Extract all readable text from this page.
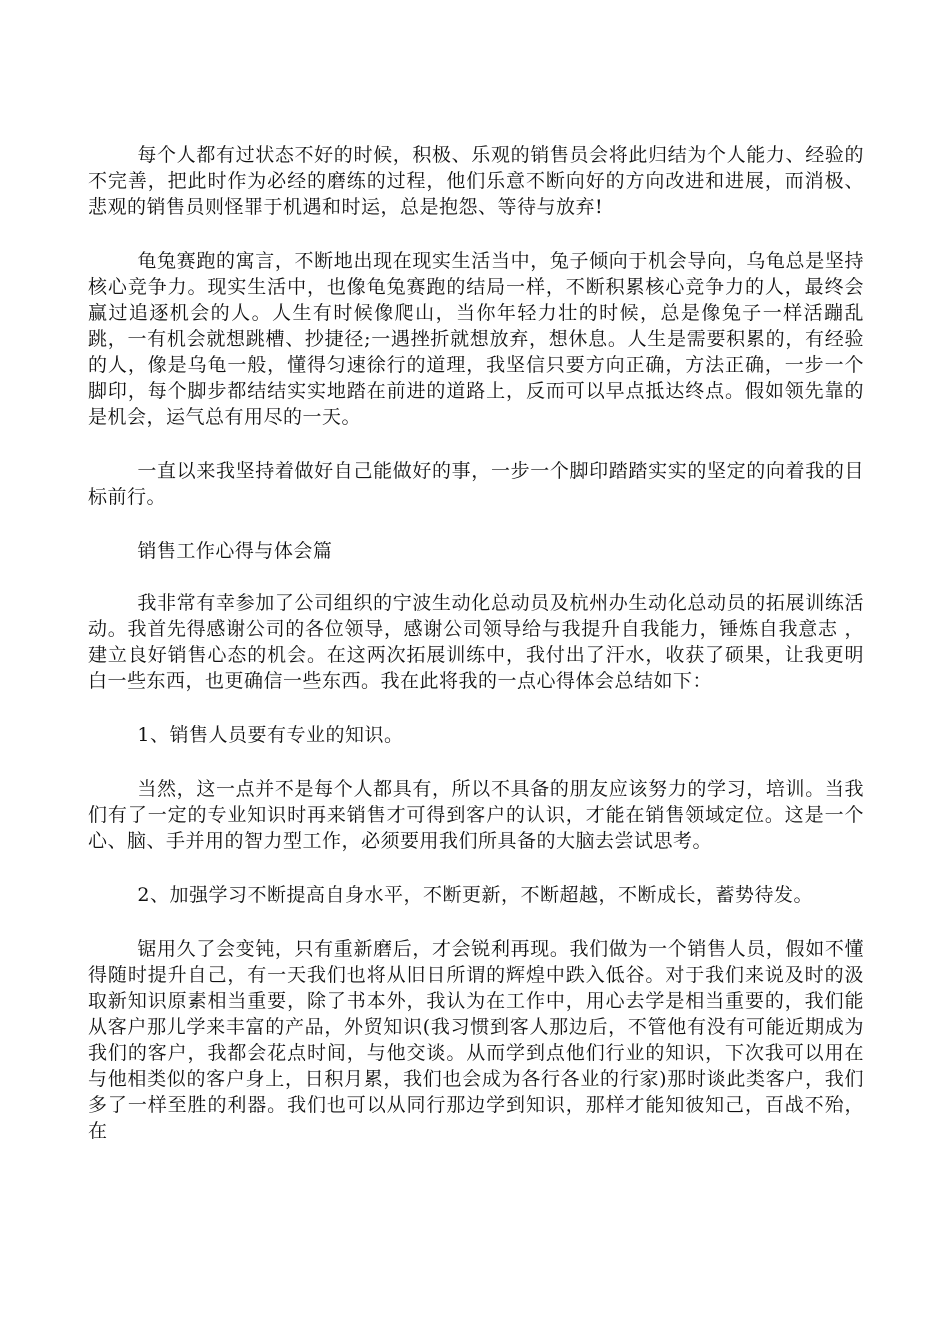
每个人都有过状态不好的时候，积极、乐观的销售员会将此归结为个人能力、经验的不完善，把此时作为必经的磨练的过程，他们乐意不断向好的方向改进和进展，而消极、悲观的销售员则怪罪于机遇和时运，总是抱怨、等待与放弃!

龟兔赛跑的寓言，不断地出现在现实生活当中，兔子倾向于机会导向，乌龟总是坚持核心竞争力。现实生活中，也像龟兔赛跑的结局一样，不断积累核心竞争力的人，最终会赢过追逐机会的人。人生有时候像爬山，当你年轻力壮的时候，总是像兔子一样活蹦乱跳，一有机会就想跳槽、抄捷径;一遇挫折就想放弃，想休息。人生是需要积累的，有经验的人，像是乌龟一般，懂得匀速徐行的道理，我坚信只要方向正确，方法正确，一步一个脚印，每个脚步都结结实实地踏在前进的道路上，反而可以早点抵达终点。假如领先靠的是机会，运气总有用尽的一天。

一直以来我坚持着做好自己能做好的事，一步一个脚印踏踏实实的坚定的向着我的目标前行。

销售工作心得与体会篇

我非常有幸参加了公司组织的宁波生动化总动员及杭州办生动化总动员的拓展训练活动。我首先得感谢公司的各位领导，感谢公司领导给与我提升自我能力，锤炼自我意志 ，建立良好销售心态的机会。在这两次拓展训练中，我付出了汗水，收获了硕果，让我更明白一些东西，也更确信一些东西。我在此将我的一点心得体会总结如下：

1、销售人员要有专业的知识。

当然，这一点并不是每个人都具有，所以不具备的朋友应该努力的学习，培训。当我们有了一定的专业知识时再来销售才可得到客户的认识，才能在销售领域定位。这是一个心、脑、手并用的智力型工作，必须要用我们所具备的大脑去尝试思考。

2、加强学习不断提高自身水平，不断更新，不断超越，不断成长，蓄势待发。

锯用久了会变钝，只有重新磨后，才会锐利再现。我们做为一个销售人员，假如不懂得随时提升自己，有一天我们也将从旧日所谓的辉煌中跌入低谷。对于我们来说及时的汲取新知识原素相当重要，除了书本外，我认为在工作中，用心去学是相当重要的，我们能从客户那儿学来丰富的产品，外贸知识(我习惯到客人那边后，不管他有没有可能近期成为我们的客户，我都会花点时间，与他交谈。从而学到点他们行业的知识，下次我可以用在与他相类似的客户身上，日积月累，我们也会成为各行各业的行家)那时谈此类客户，我们多了一样至胜的利器。我们也可以从同行那边学到知识，那样才能知彼知己，百战不殆，在
